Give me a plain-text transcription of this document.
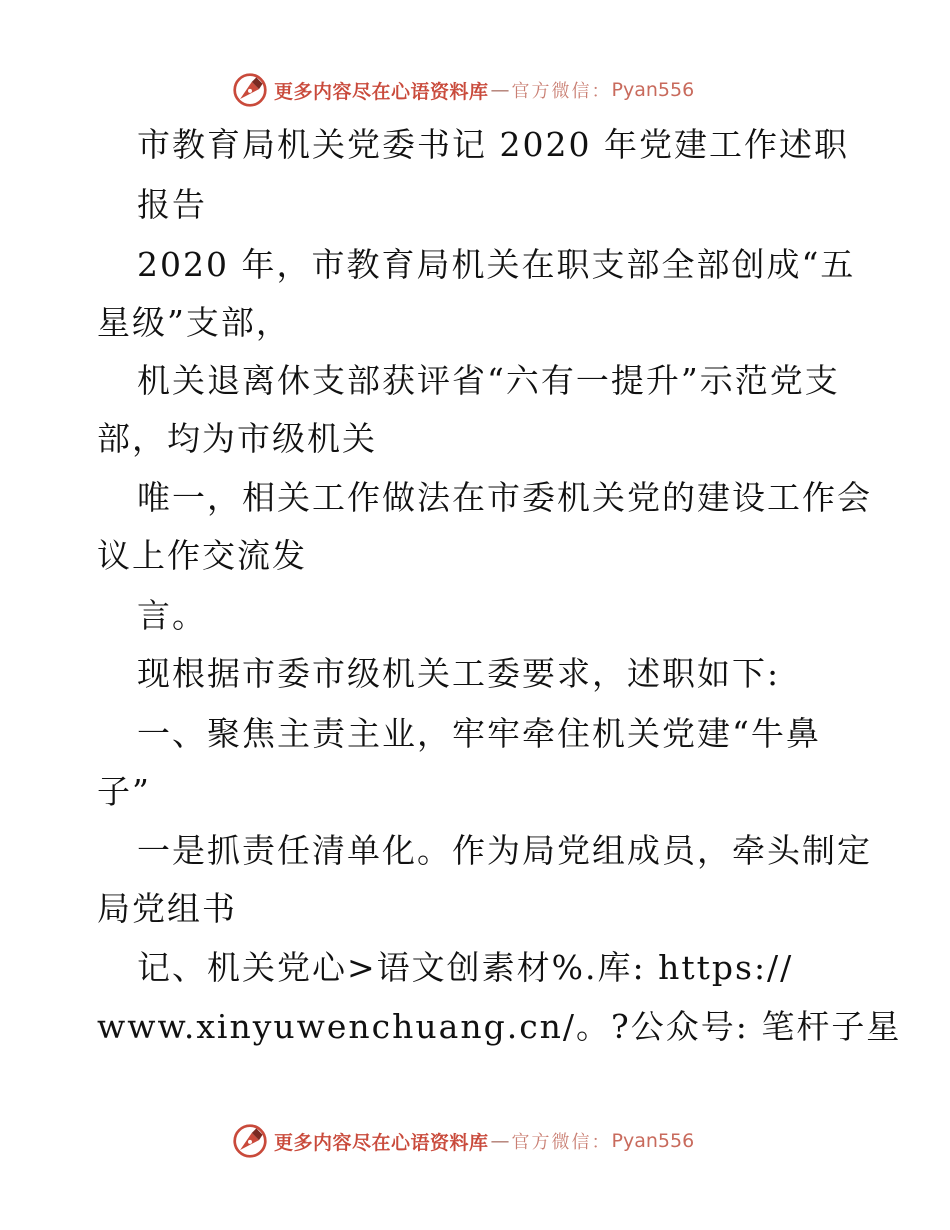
更多内容尽在心语资料库 — 官方微信： Pyan556
市教育局机关党委书记 2020 年党建工作述职
报告
2020 年，市教育局机关在职支部全部创成“五
星级”支部，
机关退离休支部获评省“六有一提升”示范党支
部，均为市级机关
唯一，相关工作做法在市委机关党的建设工作会
议上作交流发
言。
现根据市委市级机关工委要求，述职如下:
一、聚焦主责主业，牢牢牵住机关党建“牛鼻
子”
一是抓责任清单化。作为局党组成员，牵头制定
局党组书
记、机关党心>语文创素材%.库: https://
www.xinyuwenchuang.cn/。?公众号: 笔杆子星
更多内容尽在心语资料库 — 官方微信： Pyan556
